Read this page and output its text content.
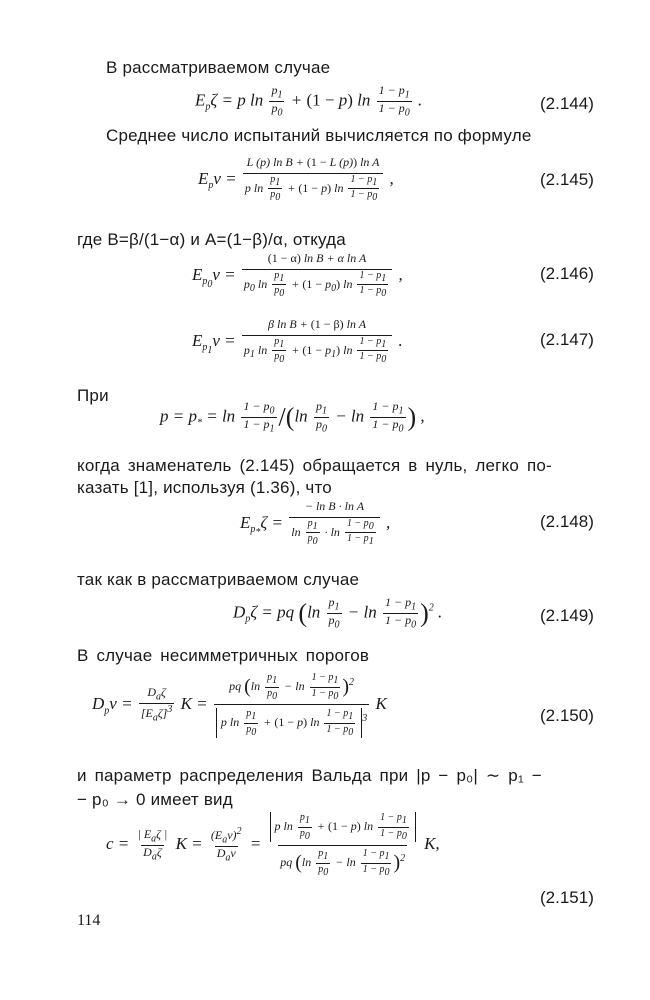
В рассматриваемом случае
$E_p\zeta = p$ $\ln \frac{p_1}{p_0} + (1 - p)$ $\ln \frac{1 - p_1}{1 - p_0}$ .	(2.144)
Среднее число испытаний вычисляется по формуле
$E_p\nu = \frac{\text{L (p) ln B + (1 − L (p)) ln A}}{p \ln \frac{p_1}{p_0} + (1 - p) \ln \frac{1 - p_1}{1 - p_0}}$ ,	(2.145)
где B=β/(1−α) и A=(1−β)/α, откуда
$E_{p_0}\nu = \frac{\text{(1 − α) ln B + α ln A}}{p_0 \ln \frac{p_1}{p_0} + (1 - p_0) \ln \frac{1 - p_1}{1 - p_0}}$ ,	(2.146)
$E_{p_1}\nu = \frac{\text{β ln B + (1 − β) ln A}}{p_1 \ln \frac{p_1}{p_0} + (1 - p_1) \ln \frac{1 - p_1}{1 - p_0}}$ .	(2.147)
При
$p = p_* = \ln \frac{1 - p_0}{1 - p_1} /(\ln \frac{p_1}{p_0} - \ln \frac{1 - p_1}{1 - p_0}$ ) ,
когда знаменатель (2.145) обращается в нуль, легко по-
казать [1], используя (1.36), что
$E_{p_*}\zeta = \frac{\text{− ln B · ln A}}{\ln \frac{p_1}{p_0} \cdot \ln \frac{1 - p_0}{1 - p_1}}$ ,	(2.148)
так как в рассматриваемом случае
$D_p\zeta$ = pq $(\ln \frac{p_1}{p_0} - \ln \frac{1 - p_1}{1 - p_0} )^2$ .	(2.149)
В случае несимметричных порогов
$D_p\nu = \frac{D_a\zeta}{[E_a\zeta]^3}$ $K = \frac{pq (\ln \frac{p_1}{p_0} - \ln \frac{1 - p_1}{1 - p_0} )^2}{p \ln \frac{p_1}{p_0} + (1 - p) \ln \frac{1 - p_1}{1 - p_0} ^3}$ K
(2.150)
и параметр распределения Вальда при |p − p₀| ∼ p₁ −
− p₀ → 0 имеет вид
$c = \frac{| E_a\zeta |}{D_a\zeta}$ $K = \frac{(E_a\nu)^2}{D_a\nu} = \frac{p \ln \frac{p_1}{p_0} + (1 - p) \ln \frac{1 - p_1}{1 - p_0}}{pq (\ln \frac{p_1}{p_0} - \ln \frac{1 - p_1}{1 - p_0} )^2} K$,
(2.151)
114
